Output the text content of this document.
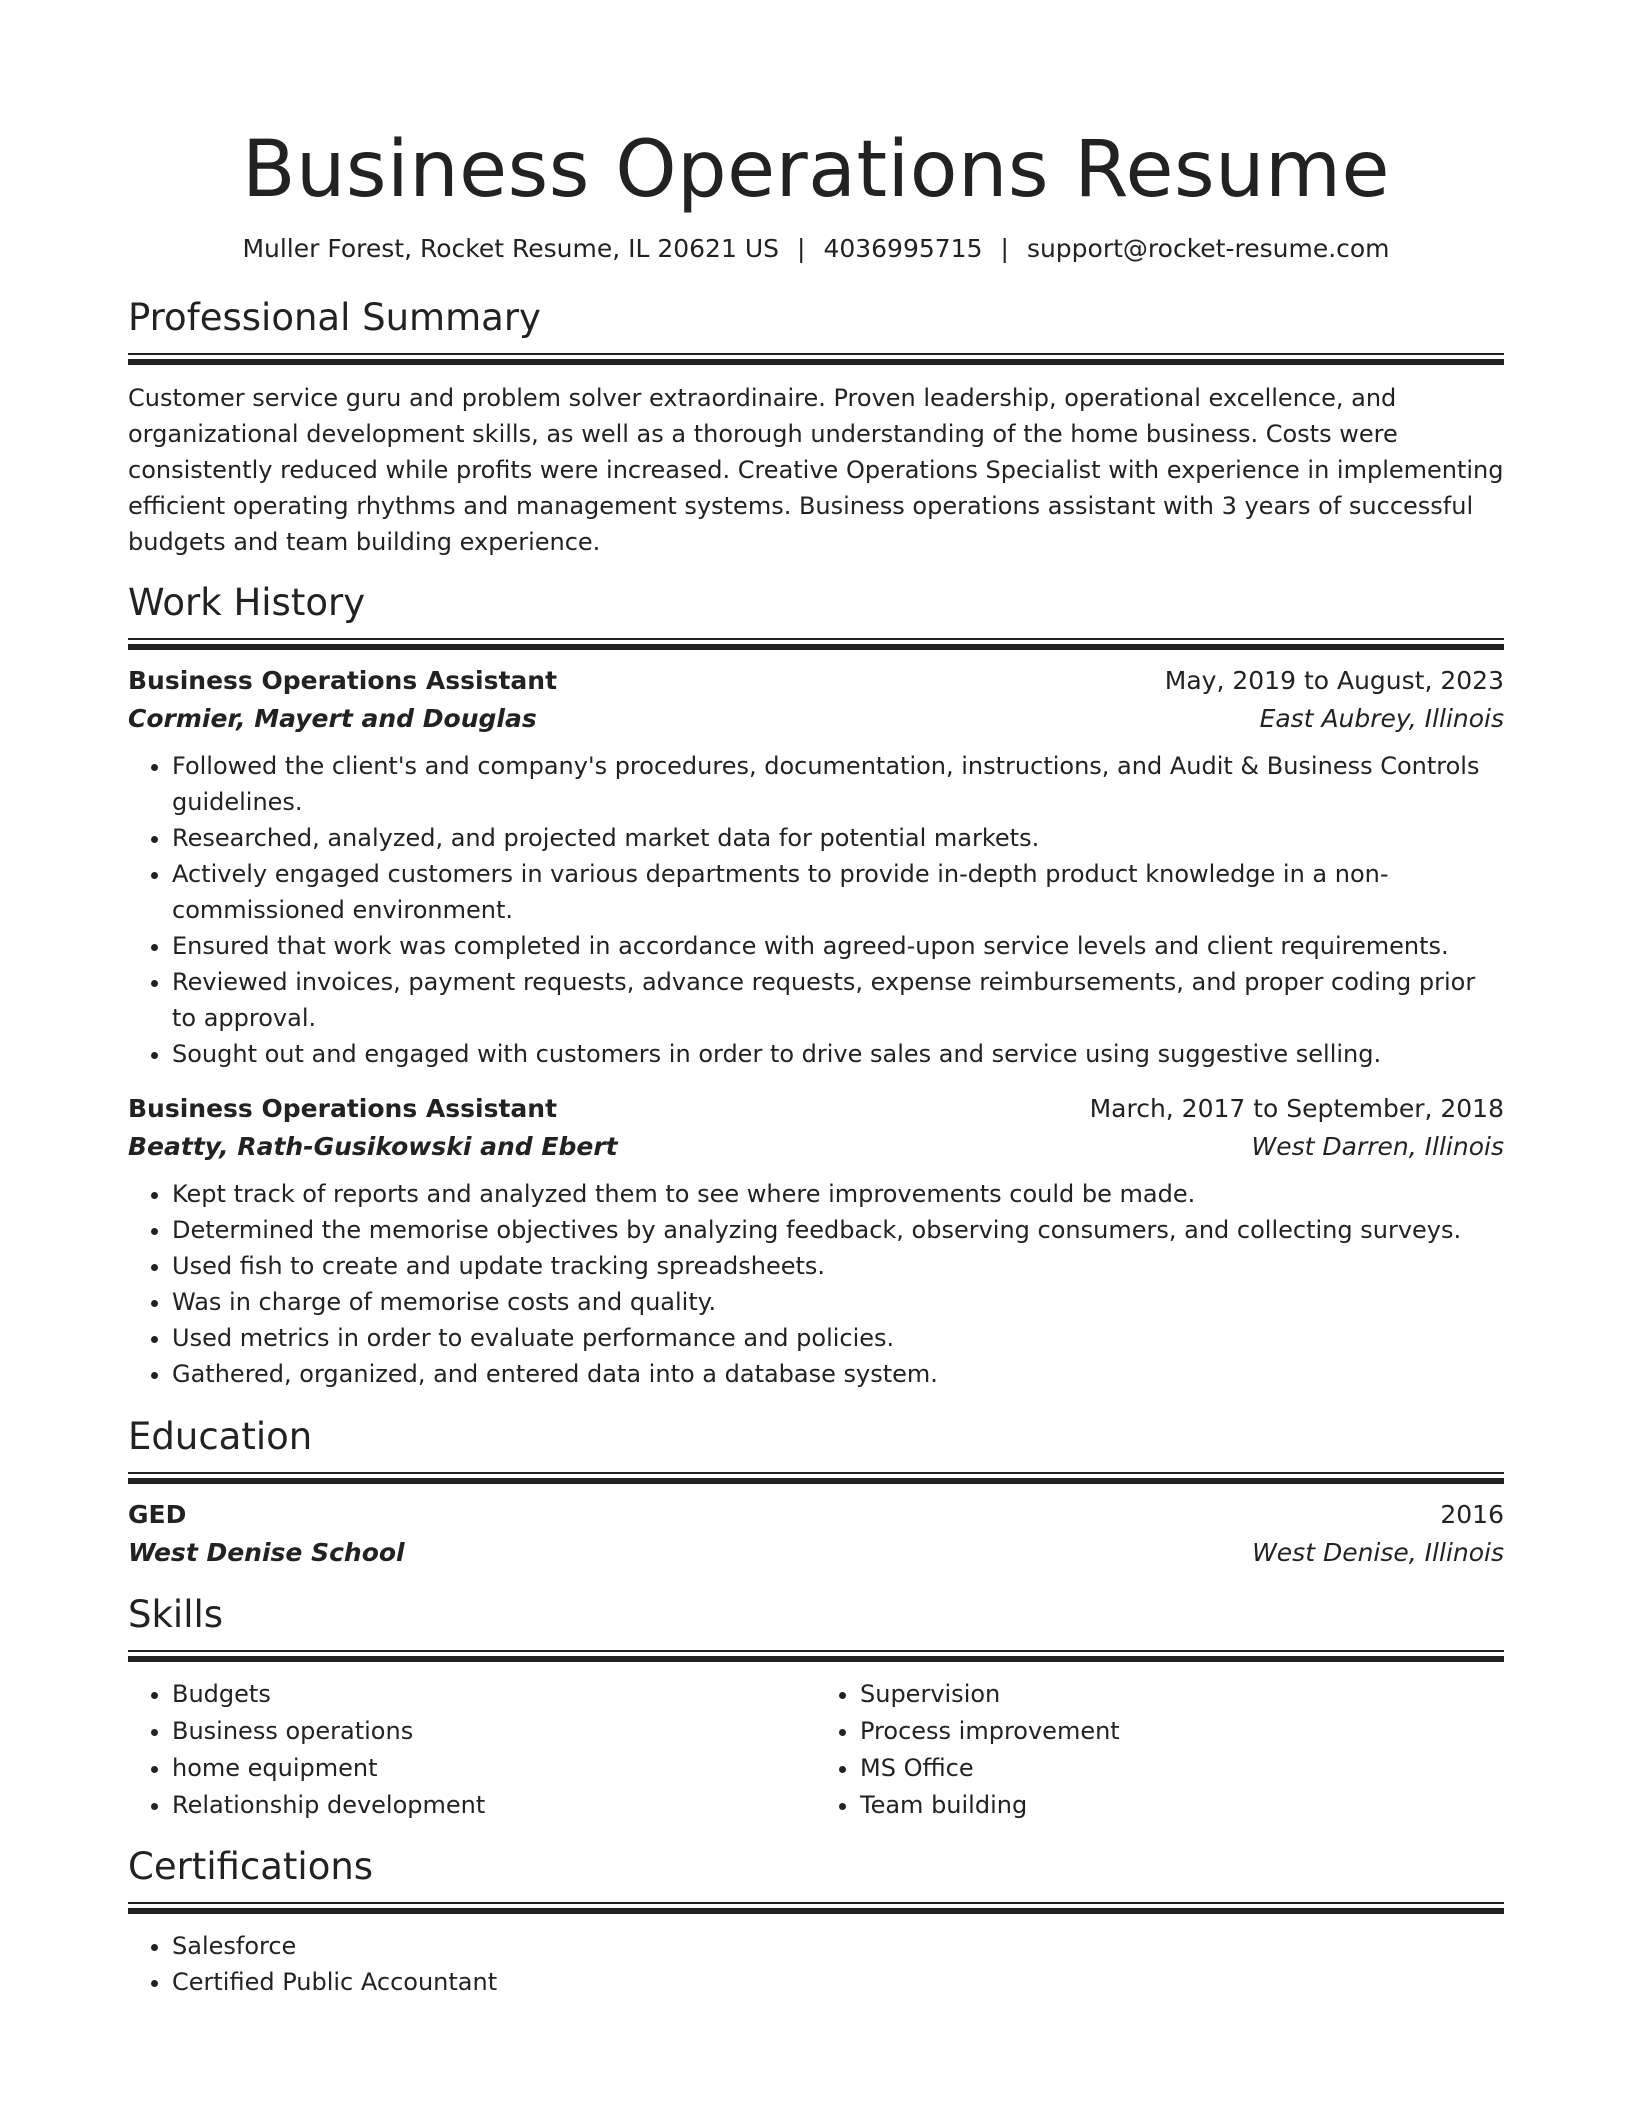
Business Operations Resume
Muller Forest, Rocket Resume, IL 20621 US | 4036995715 | support@rocket-resume.com
Professional Summary
Customer service guru and problem solver extraordinaire. Proven leadership, operational excellence, and organizational development skills, as well as a thorough understanding of the home business. Costs were consistently reduced while profits were increased. Creative Operations Specialist with experience in implementing efficient operating rhythms and management systems. Business operations assistant with 3 years of successful budgets and team building experience.
Work History
Business Operations Assistant	May, 2019 to August, 2023
Cormier, Mayert and Douglas	East Aubrey, Illinois
• Followed the client's and company's procedures, documentation, instructions, and Audit & Business Controls guidelines.
• Researched, analyzed, and projected market data for potential markets.
• Actively engaged customers in various departments to provide in-depth product knowledge in a non-commissioned environment.
• Ensured that work was completed in accordance with agreed-upon service levels and client requirements.
• Reviewed invoices, payment requests, advance requests, expense reimbursements, and proper coding prior to approval.
• Sought out and engaged with customers in order to drive sales and service using suggestive selling.
Business Operations Assistant	March, 2017 to September, 2018
Beatty, Rath-Gusikowski and Ebert	West Darren, Illinois
• Kept track of reports and analyzed them to see where improvements could be made.
• Determined the memorise objectives by analyzing feedback, observing consumers, and collecting surveys.
• Used fish to create and update tracking spreadsheets.
• Was in charge of memorise costs and quality.
• Used metrics in order to evaluate performance and policies.
• Gathered, organized, and entered data into a database system.
Education
GED	2016
West Denise School	West Denise, Illinois
Skills
• Budgets
• Business operations
• home equipment
• Relationship development
• Supervision
• Process improvement
• MS Office
• Team building
Certifications
• Salesforce
• Certified Public Accountant
